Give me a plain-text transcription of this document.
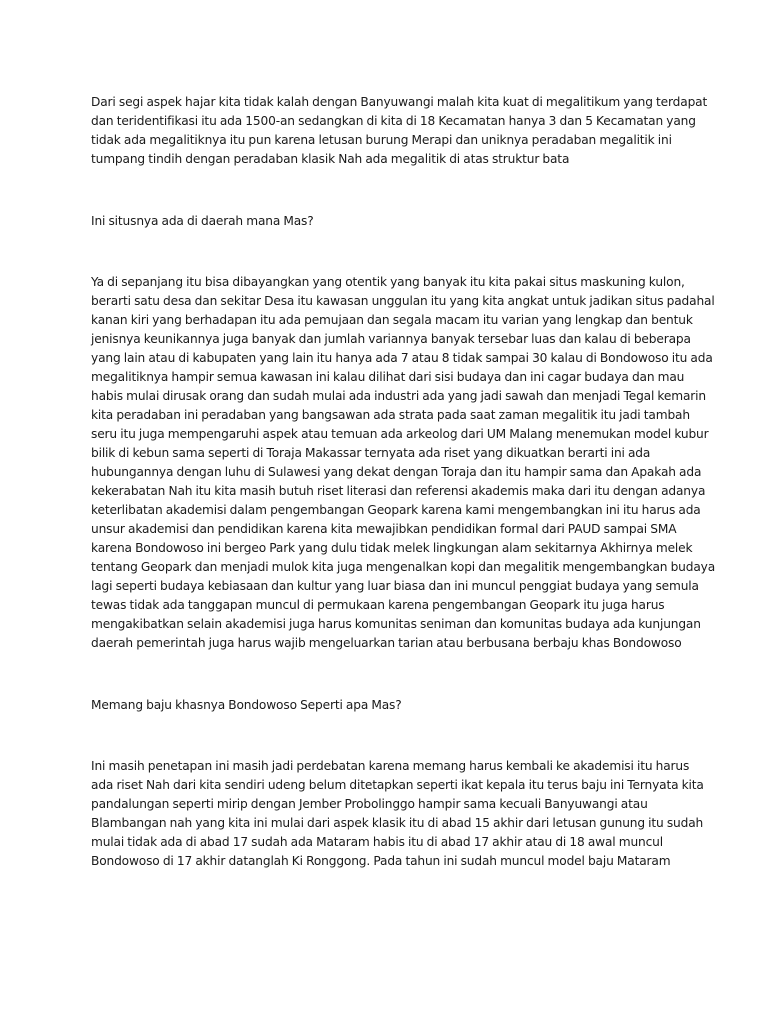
Dari segi aspek hajar kita tidak kalah dengan Banyuwangi malah kita kuat di megalitikum yang terdapat
dan teridentifikasi itu ada 1500-an sedangkan di kita di 18 Kecamatan hanya 3 dan 5 Kecamatan yang
tidak ada megalitiknya itu pun karena letusan burung Merapi dan uniknya peradaban megalitik ini
tumpang tindih dengan peradaban klasik Nah ada megalitik di atas struktur bata

Ini situsnya ada di daerah mana Mas?

Ya di sepanjang itu bisa dibayangkan yang otentik yang banyak itu kita pakai situs maskuning kulon,
berarti satu desa dan sekitar Desa itu kawasan unggulan itu yang kita angkat untuk jadikan situs padahal
kanan kiri yang berhadapan itu ada pemujaan dan segala macam itu varian yang lengkap dan bentuk
jenisnya keunikannya juga banyak dan jumlah variannya banyak tersebar luas dan kalau di beberapa
yang lain atau di kabupaten yang lain itu hanya ada 7 atau 8 tidak sampai 30 kalau di Bondowoso itu ada
megalitiknya hampir semua kawasan ini kalau dilihat dari sisi budaya dan ini cagar budaya dan mau
habis mulai dirusak orang dan sudah mulai ada industri ada yang jadi sawah dan menjadi Tegal kemarin
kita peradaban ini peradaban yang bangsawan ada strata pada saat zaman megalitik itu jadi tambah
seru itu juga mempengaruhi aspek atau temuan ada arkeolog dari UM Malang menemukan model kubur
bilik di kebun sama seperti di Toraja Makassar ternyata ada riset yang dikuatkan berarti ini ada
hubungannya dengan luhu di Sulawesi yang dekat dengan Toraja dan itu hampir sama dan Apakah ada
kekerabatan Nah itu kita masih butuh riset literasi dan referensi akademis maka dari itu dengan adanya
keterlibatan akademisi dalam pengembangan Geopark karena kami mengembangkan ini itu harus ada
unsur akademisi dan pendidikan karena kita mewajibkan pendidikan formal dari PAUD sampai SMA
karena Bondowoso ini bergeo Park yang dulu tidak melek lingkungan alam sekitarnya Akhirnya melek
tentang Geopark dan menjadi mulok kita juga mengenalkan kopi dan megalitik mengembangkan budaya
lagi seperti budaya kebiasaan dan kultur yang luar biasa dan ini muncul penggiat budaya yang semula
tewas tidak ada tanggapan muncul di permukaan karena pengembangan Geopark itu juga harus
mengakibatkan selain akademisi juga harus komunitas seniman dan komunitas budaya ada kunjungan
daerah pemerintah juga harus wajib mengeluarkan tarian atau berbusana berbaju khas Bondowoso

Memang baju khasnya Bondowoso Seperti apa Mas?

Ini masih penetapan ini masih jadi perdebatan karena memang harus kembali ke akademisi itu harus
ada riset Nah dari kita sendiri udeng belum ditetapkan seperti ikat kepala itu terus baju ini Ternyata kita
pandalungan seperti mirip dengan Jember Probolinggo hampir sama kecuali Banyuwangi atau
Blambangan nah yang kita ini mulai dari aspek klasik itu di abad 15 akhir dari letusan gunung itu sudah
mulai tidak ada di abad 17 sudah ada Mataram habis itu di abad 17 akhir atau di 18 awal muncul
Bondowoso di 17 akhir datanglah Ki Ronggong. Pada tahun ini sudah muncul model baju Mataram
